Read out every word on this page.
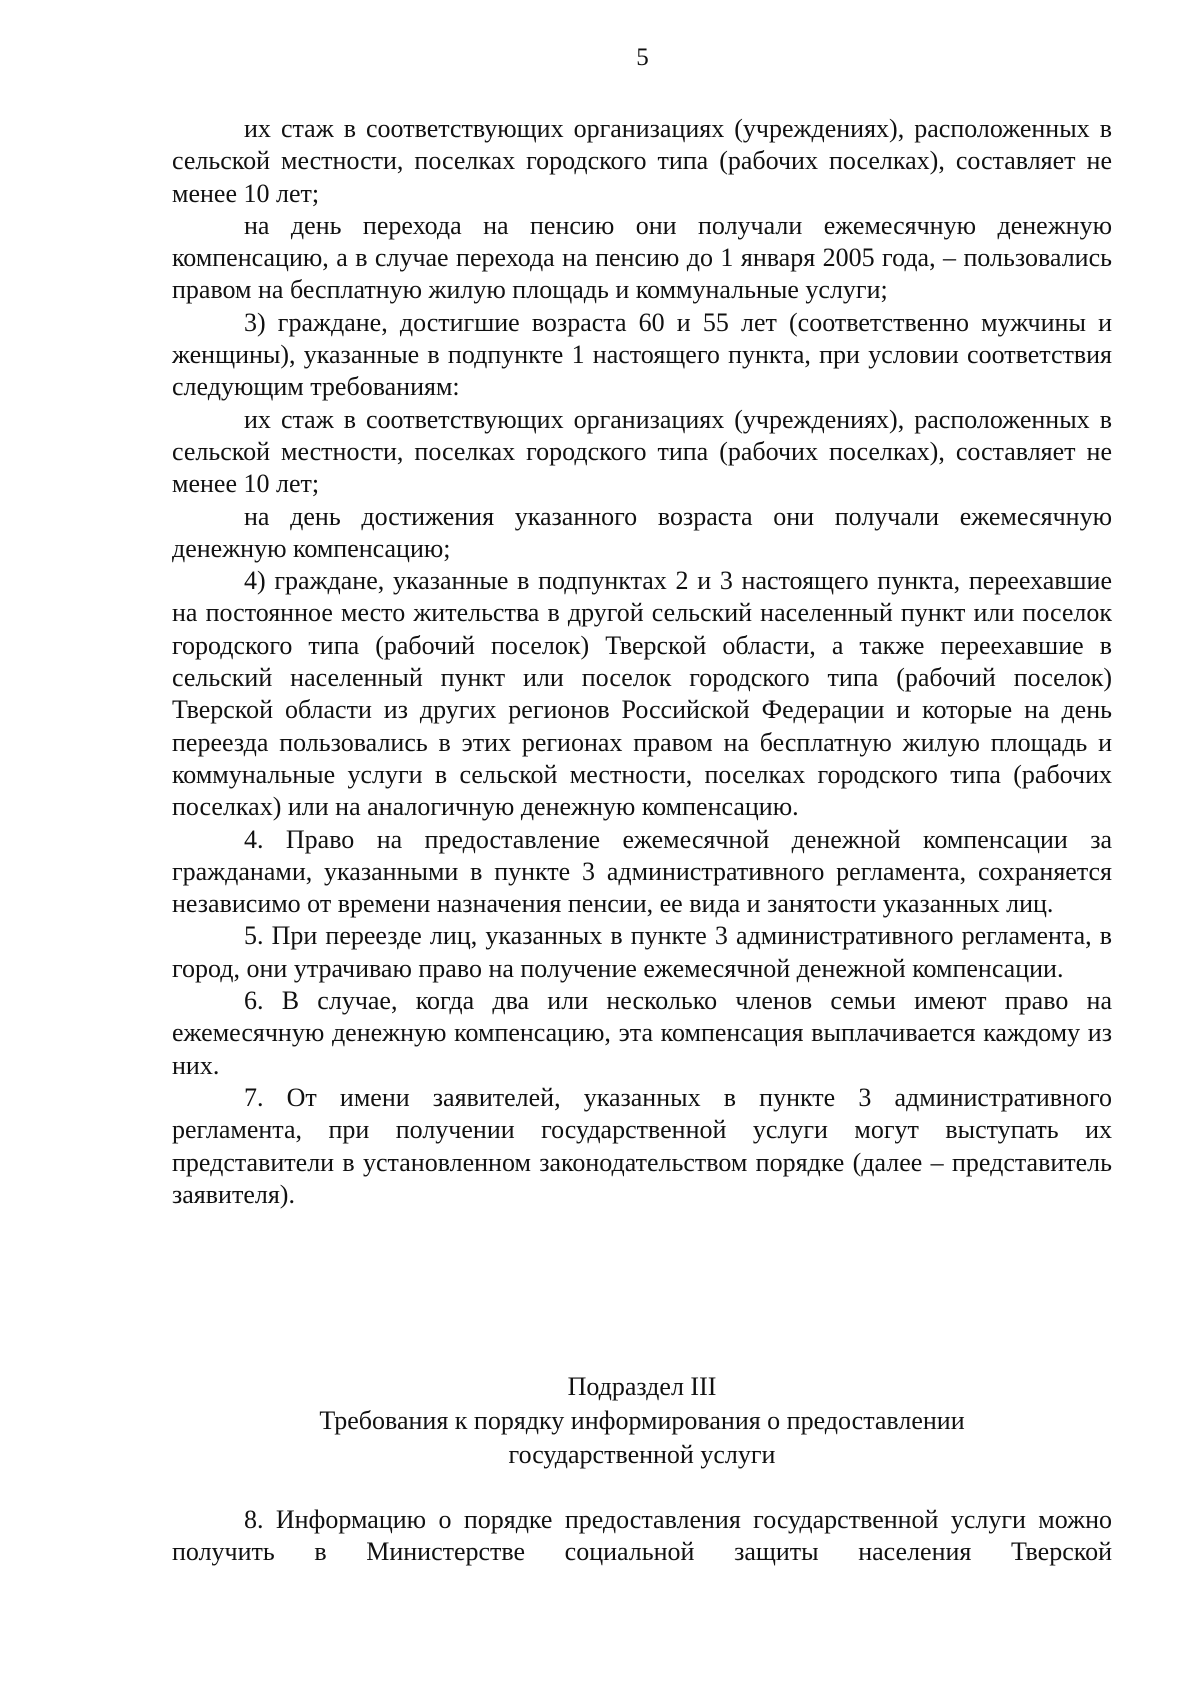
5

их стаж в соответствующих организациях (учреждениях), расположенных в сельской местности, поселках городского типа (рабочих поселках), составляет не менее 10 лет;

на день перехода на пенсию они получали ежемесячную денежную компенсацию, а в случае перехода на пенсию до 1 января 2005 года, – пользовались правом на бесплатную жилую площадь и коммунальные услуги;

3) граждане, достигшие возраста 60 и 55 лет (соответственно мужчины и женщины), указанные в подпункте 1 настоящего пункта, при условии соответствия следующим требованиям:

их стаж в соответствующих организациях (учреждениях), расположенных в сельской местности, поселках городского типа (рабочих поселках), составляет не менее 10 лет;

на день достижения указанного возраста они получали ежемесячную денежную компенсацию;

4) граждане, указанные в подпунктах 2 и 3 настоящего пункта, переехавшие на постоянное место жительства в другой сельский населенный пункт или поселок городского типа (рабочий поселок) Тверской области, а также переехавшие в сельский населенный пункт или поселок городского типа (рабочий поселок) Тверской области из других регионов Российской Федерации и которые на день переезда пользовались в этих регионах правом на бесплатную жилую площадь и коммунальные услуги в сельской местности, поселках городского типа (рабочих поселках) или на аналогичную денежную компенсацию.

4. Право на предоставление ежемесячной денежной компенсации за гражданами, указанными в пункте 3 административного регламента, сохраняется независимо от времени назначения пенсии, ее вида и занятости указанных лиц.

5. При переезде лиц, указанных в пункте 3 административного регламента, в город, они утрачиваю право на получение ежемесячной денежной компенсации.

6. В случае, когда два или несколько членов семьи имеют право на ежемесячную денежную компенсацию, эта компенсация выплачивается каждому из них.

7. От имени заявителей, указанных в пункте 3 административного регламента, при получении государственной услуги могут выступать их представители в установленном законодательством порядке (далее – представитель заявителя).

Подраздел III
Требования к порядку информирования о предоставлении
государственной услуги

8. Информацию о порядке предоставления государственной услуги можно получить в Министерстве социальной защиты населения Тверской
